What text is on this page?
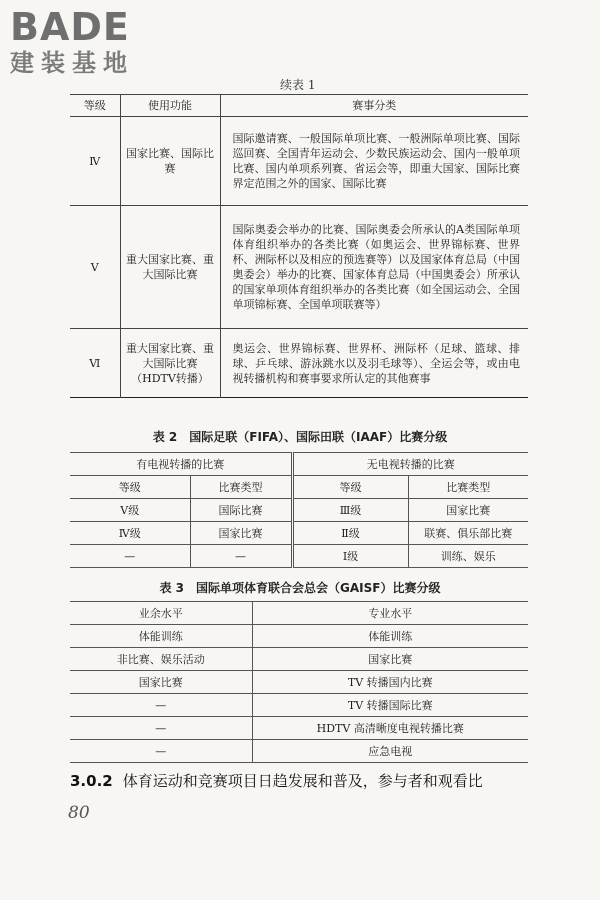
BADE
建装基地
续表 1
等级	使用功能	赛事分类
Ⅳ	国家比赛、国际比赛	国际邀请赛、一般国际单项比赛、一般洲际单项比赛、国际巡回赛、全国青年运动会、少数民族运动会、国内一般单项比赛、国内单项系列赛、省运会等，即重大国家、国际比赛界定范围之外的国家、国际比赛
Ⅴ	重大国家比赛、重大国际比赛	国际奥委会举办的比赛、国际奥委会所承认的A类国际单项体育组织举办的各类比赛（如奥运会、世界锦标赛、世界杯、洲际杯以及相应的预选赛等）以及国家体育总局（中国奥委会）举办的比赛、国家体育总局（中国奥委会）所承认的国家单项体育组织举办的各类比赛（如全国运动会、全国单项锦标赛、全国单项联赛等）
Ⅵ	重大国家比赛、重大国际比赛（HDTV转播）	奥运会、世界锦标赛、世界杯、洲际杯（足球、篮球、排球、乒乓球、游泳跳水以及羽毛球等）、全运会等，或由电视转播机构和赛事要求所认定的其他赛事
表 2　国际足联（FIFA）、国际田联（IAAF）比赛分级
有电视转播的比赛		无电视转播的比赛	
等级	比赛类型	等级	比赛类型
Ⅴ级	国际比赛	Ⅲ级	国家比赛
Ⅳ级	国家比赛	Ⅱ级	联赛、俱乐部比赛
—	—	Ⅰ级	训练、娱乐
表 3　国际单项体育联合会总会（GAISF）比赛分级
业余水平	专业水平
体能训练	体能训练
非比赛、娱乐活动	国家比赛
国家比赛	TV 转播国内比赛
—	TV 转播国际比赛
—	HDTV 高清晰度电视转播比赛
—	应急电视
3.0.2 体育运动和竞赛项目日趋发展和普及，参与者和观看比
80
